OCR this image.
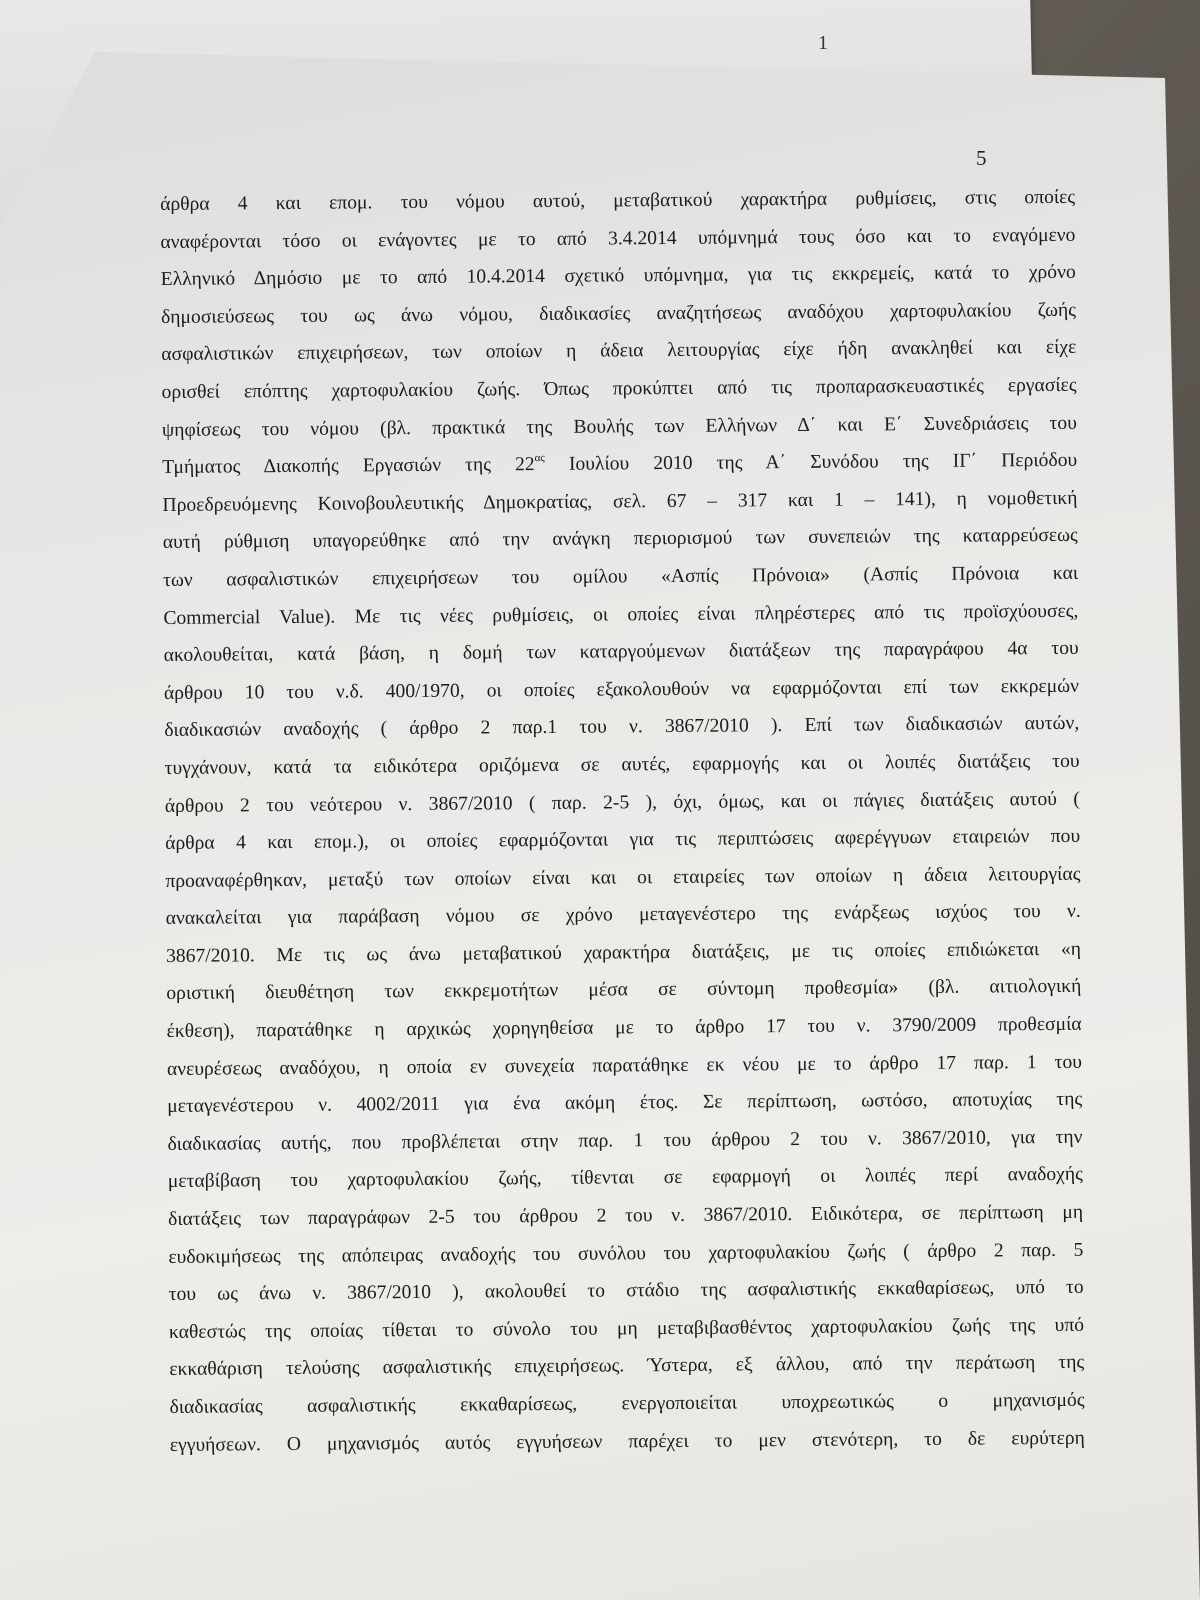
1
5
άρθρα 4 και επομ. του νόμου αυτού, μεταβατικού χαρακτήρα ρυθμίσεις, στις οποίες
αναφέρονται τόσο οι ενάγοντες με το από 3.4.2014 υπόμνημά τους όσο και το εναγόμενο
Ελληνικό Δημόσιο με το από 10.4.2014 σχετικό υπόμνημα, για τις εκκρεμείς, κατά το χρόνο
δημοσιεύσεως του ως άνω νόμου, διαδικασίες αναζητήσεως αναδόχου χαρτοφυλακίου ζωής
ασφαλιστικών επιχειρήσεων, των οποίων η άδεια λειτουργίας είχε ήδη ανακληθεί και είχε
ορισθεί επόπτης χαρτοφυλακίου ζωής. Όπως προκύπτει από τις προπαρασκευαστικές εργασίες
ψηφίσεως του νόμου (βλ. πρακτικά της Βουλής των Ελλήνων Δ΄ και Ε΄ Συνεδριάσεις του
Τμήματος Διακοπής Εργασιών της $22^{\alpha\varsigma}$ Ιουλίου 2010 της Α΄ Συνόδου της ΙΓ΄ Περιόδου
Προεδρευόμενης Κοινοβουλευτικής Δημοκρατίας, σελ. 67 – 317 και 1 – 141), η νομοθετική
αυτή ρύθμιση υπαγορεύθηκε από την ανάγκη περιορισμού των συνεπειών της καταρρεύσεως
των ασφαλιστικών επιχειρήσεων του ομίλου «Ασπίς Πρόνοια» (Ασπίς Πρόνοια και
Commercial Value). Με τις νέες ρυθμίσεις, οι οποίες είναι πληρέστερες από τις προϊσχύουσες,
ακολουθείται, κατά βάση, η δομή των καταργούμενων διατάξεων της παραγράφου 4α του
άρθρου 10 του ν.δ. 400/1970, οι οποίες εξακολουθούν να εφαρμόζονται επί των εκκρεμών
διαδικασιών αναδοχής ( άρθρο 2 παρ.1 του ν. 3867/2010 ). Επί των διαδικασιών αυτών,
τυγχάνουν, κατά τα ειδικότερα οριζόμενα σε αυτές, εφαρμογής και οι λοιπές διατάξεις του
άρθρου 2 του νεότερου ν. 3867/2010 ( παρ. 2-5 ), όχι, όμως, και οι πάγιες διατάξεις αυτού (
άρθρα 4 και επομ.), οι οποίες εφαρμόζονται για τις περιπτώσεις αφερέγγυων εταιρειών που
προαναφέρθηκαν, μεταξύ των οποίων είναι και οι εταιρείες των οποίων η άδεια λειτουργίας
ανακαλείται για παράβαση νόμου σε χρόνο μεταγενέστερο της ενάρξεως ισχύος του ν.
3867/2010. Με τις ως άνω μεταβατικού χαρακτήρα διατάξεις, με τις οποίες επιδιώκεται «η
οριστική διευθέτηση των εκκρεμοτήτων μέσα σε σύντομη προθεσμία» (βλ. αιτιολογική
έκθεση), παρατάθηκε η αρχικώς χορηγηθείσα με το άρθρο 17 του ν. 3790/2009 προθεσμία
ανευρέσεως αναδόχου, η οποία εν συνεχεία παρατάθηκε εκ νέου με το άρθρο 17 παρ. 1 του
μεταγενέστερου ν. 4002/2011 για ένα ακόμη έτος. Σε περίπτωση, ωστόσο, αποτυχίας της
διαδικασίας αυτής, που προβλέπεται στην παρ. 1 του άρθρου 2 του ν. 3867/2010, για την
μεταβίβαση του χαρτοφυλακίου ζωής, τίθενται σε εφαρμογή οι λοιπές περί αναδοχής
διατάξεις των παραγράφων 2-5 του άρθρου 2 του ν. 3867/2010. Ειδικότερα, σε περίπτωση μη
ευδοκιμήσεως της απόπειρας αναδοχής του συνόλου του χαρτοφυλακίου ζωής ( άρθρο 2 παρ. 5
του ως άνω ν. 3867/2010 ), ακολουθεί το στάδιο της ασφαλιστικής εκκαθαρίσεως, υπό το
καθεστώς της οποίας τίθεται το σύνολο του μη μεταβιβασθέντος χαρτοφυλακίου ζωής της υπό
εκκαθάριση τελούσης ασφαλιστικής επιχειρήσεως. Ύστερα, εξ άλλου, από την περάτωση της
διαδικασίας ασφαλιστικής εκκαθαρίσεως, ενεργοποιείται υποχρεωτικώς ο μηχανισμός
εγγυήσεων. Ο μηχανισμός αυτός εγγυήσεων παρέχει το μεν στενότερη, το δε ευρύτερη
